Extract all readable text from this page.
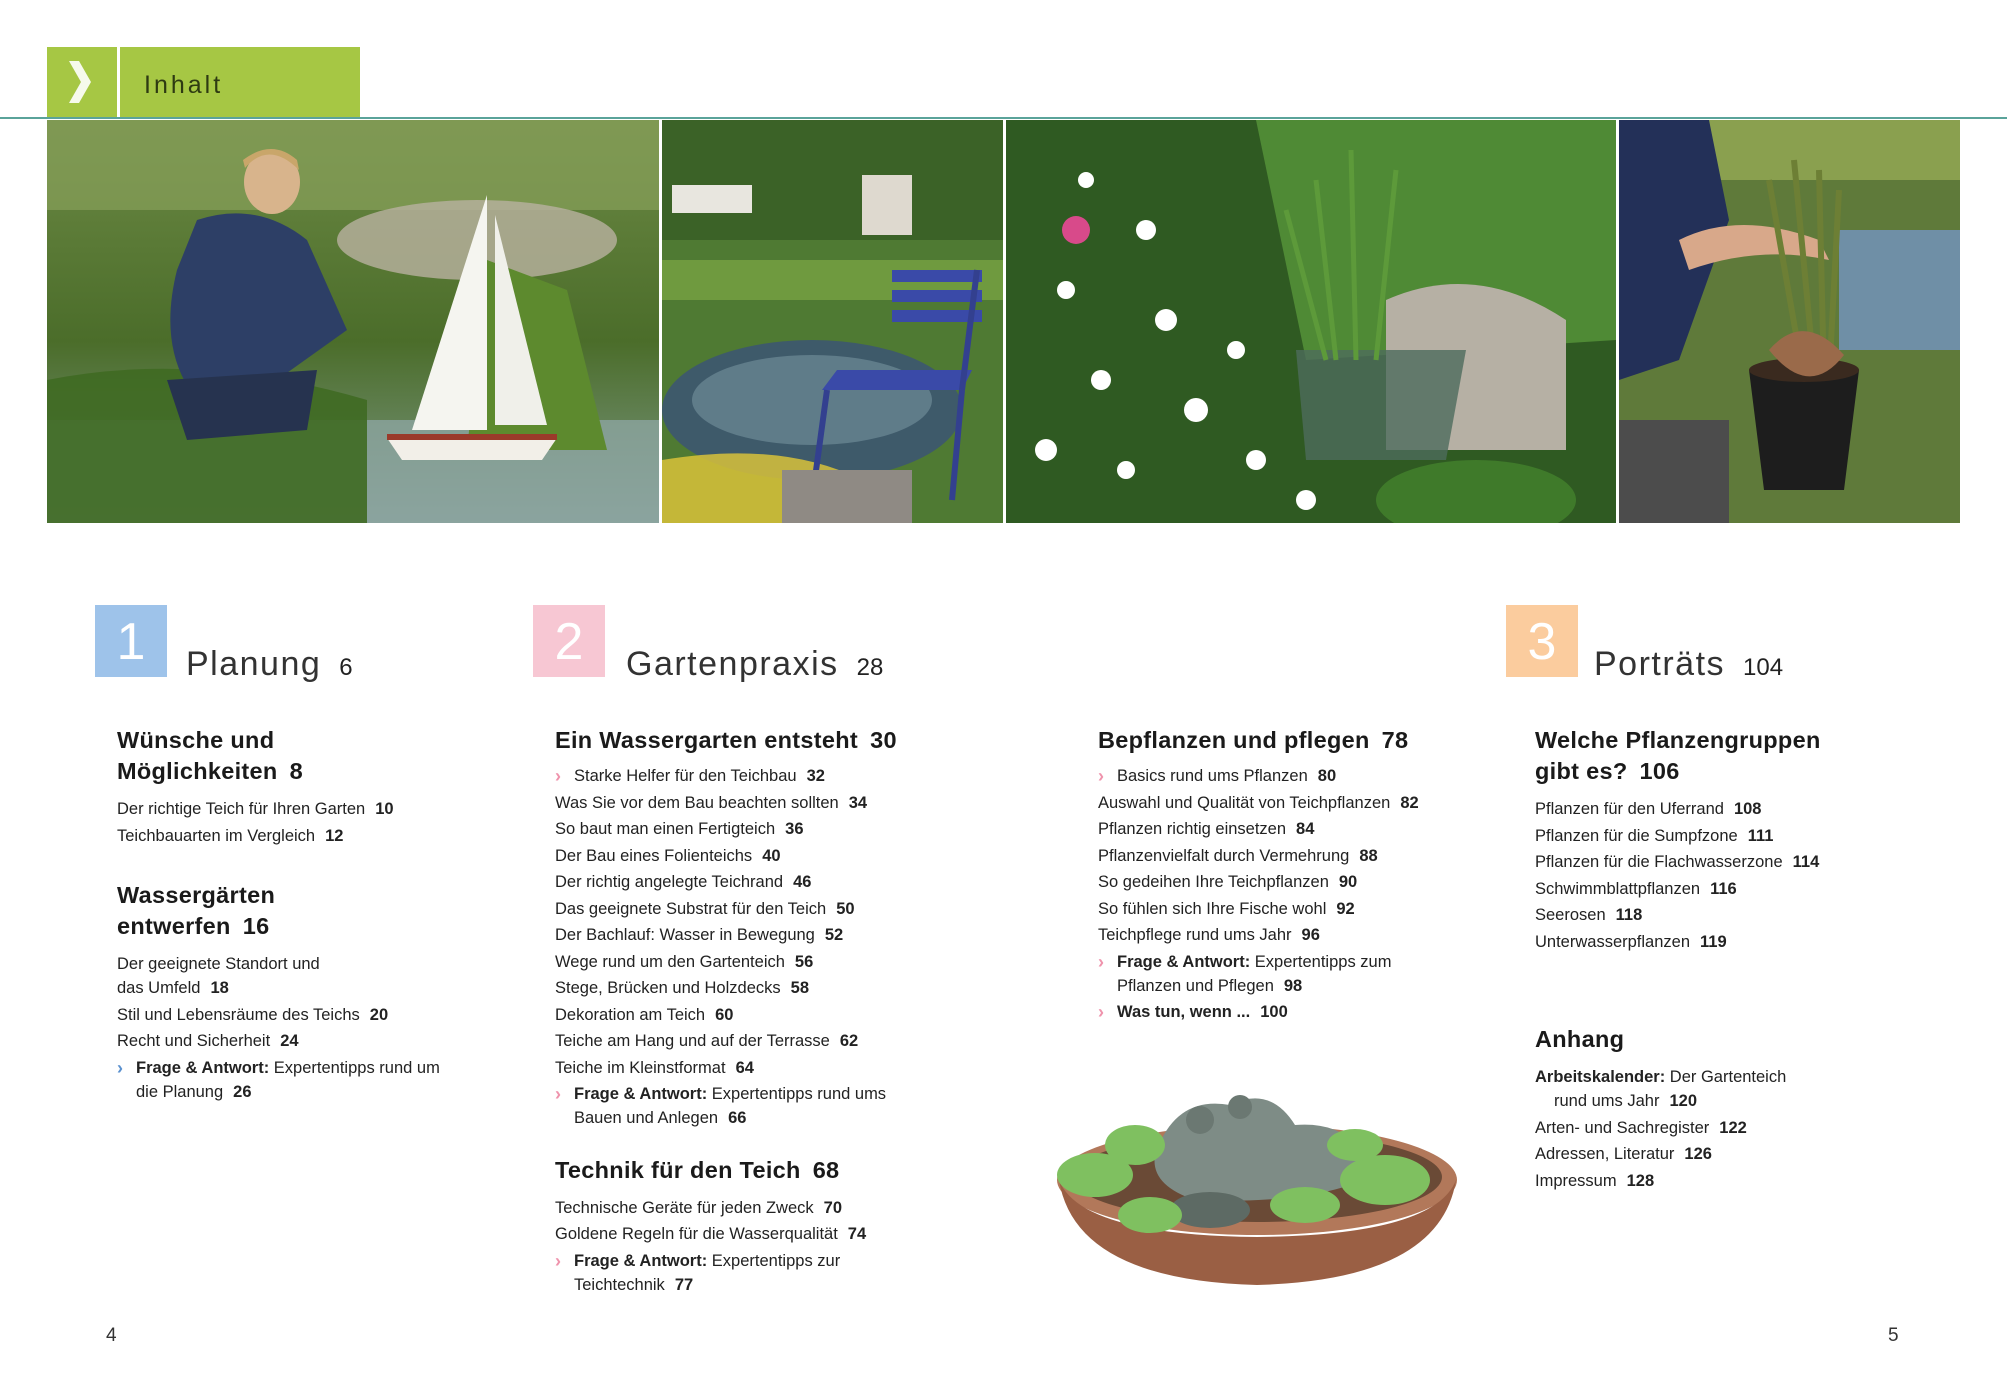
Inhalt
1	Planung 6	2	Gartenpraxis 28	3	Porträts 104
Wünsche und
Möglichkeiten 8
Der richtige Teich für Ihren Garten 10
Teichbauarten im Vergleich 12
Wassergärten
entwerfen 16
Der geeignete Standort und
das Umfeld 18
Stil und Lebensräume des Teichs 20
Recht und Sicherheit 24
› Frage & Antwort: Expertentipps rund um
die Planung 26
Ein Wassergarten entsteht 30
› Starke Helfer für den Teichbau 32
Was Sie vor dem Bau beachten sollten 34
So baut man einen Fertigteich 36
Der Bau eines Folienteichs 40
Der richtig angelegte Teichrand 46
Das geeignete Substrat für den Teich 50
Der Bachlauf: Wasser in Bewegung 52
Wege rund um den Gartenteich 56
Stege, Brücken und Holzdecks 58
Dekoration am Teich 60
Teiche am Hang und auf der Terrasse 62
Teiche im Kleinstformat 64
› Frage & Antwort: Expertentipps rund ums
Bauen und Anlegen 66
Technik für den Teich 68
Technische Geräte für jeden Zweck 70
Goldene Regeln für die Wasserqualität 74
› Frage & Antwort: Expertentipps zur
Teichtechnik 77
Bepflanzen und pflegen 78
› Basics rund ums Pflanzen 80
Auswahl und Qualität von Teichpflanzen 82
Pflanzen richtig einsetzen 84
Pflanzenvielfalt durch Vermehrung 88
So gedeihen Ihre Teichpflanzen 90
So fühlen sich Ihre Fische wohl 92
Teichpflege rund ums Jahr 96
› Frage & Antwort: Expertentipps zum
Pflanzen und Pflegen 98
› Was tun, wenn ... 100
Welche Pflanzengruppen
gibt es? 106
Pflanzen für den Uferrand 108
Pflanzen für die Sumpfzone 111
Pflanzen für die Flachwasserzone 114
Schwimmblattpflanzen 116
Seerosen 118
Unterwasserpflanzen 119
Anhang
Arbeitskalender: Der Gartenteich
rund ums Jahr 120
Arten- und Sachregister 122
Adressen, Literatur 126
Impressum 128
4	5
